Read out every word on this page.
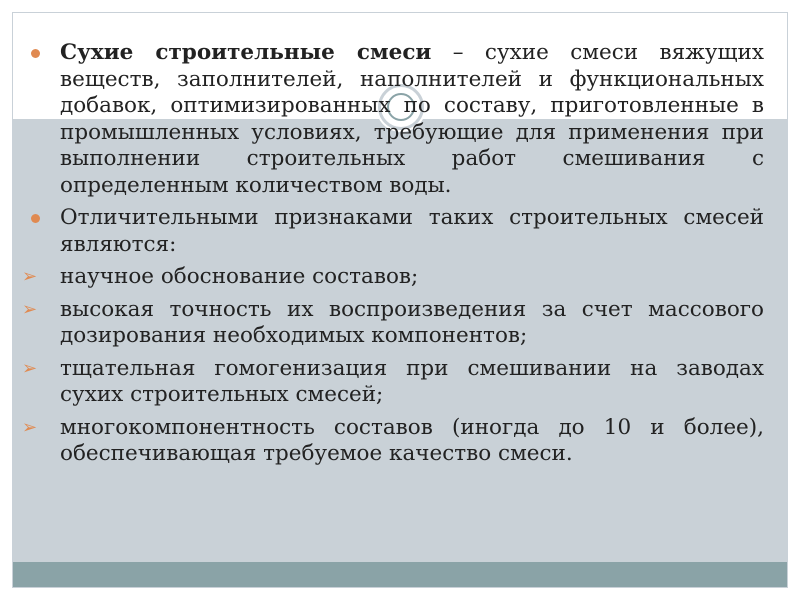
Сухие строительные смеси – сухие смеси вяжущих веществ, заполнителей, наполнителей и функциональных добавок, оптимизированных по составу, приготовленные в промышленных условиях, требующие для применения при выполнении строительных работ смешивания с определенным количеством воды.
Отличительными признаками таких строительных смесей являются:
➢	научное обоснование составов;
➢	высокая точность их воспроизведения за счет массового дозирования необходимых компонентов;
➢	тщательная гомогенизация при смешивании на заводах сухих строительных смесей;
➢	многокомпонентность составов (иногда до 10 и более), обеспечивающая требуемое качество смеси.
